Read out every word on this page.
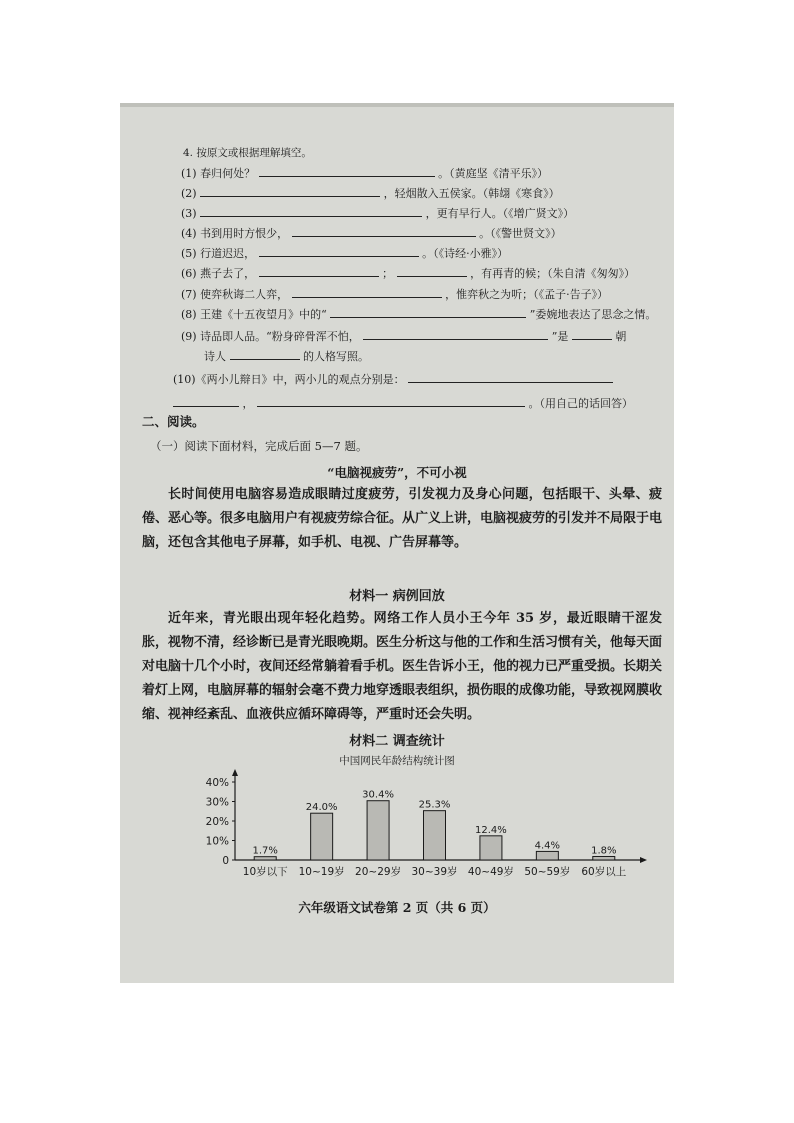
4. 按原文或根据理解填空。
(1) 春归何处？	。（黄庭坚《清平乐》）
(2)	，轻烟散入五侯家。（韩翃《寒食》）
(3)	，更有早行人。（《增广贤文》）
(4) 书到用时方恨少，	。（《警世贤文》）
(5) 行道迟迟，	。（《诗经·小雅》）
(6) 燕子去了，	；	，有再青的候；（朱自清《匆匆》）
(7) 使弈秋诲二人弈，	，惟弈秋之为听；（《孟子·告子》）
(8) 王建《十五夜望月》中的“	”委婉地表达了思念之情。
(9) 诗品即人品。“粉身碎骨浑不怕，	”是	朝
诗人	的人格写照。
(10)《两小儿辩日》中，两小儿的观点分别是：
，	。（用自己的话回答）
二、阅读。
（一）阅读下面材料，完成后面 5—7 题。
“电脑视疲劳”，不可小视
长时间使用电脑容易造成眼睛过度疲劳，引发视力及身心问题，包括眼干、头晕、疲倦、恶心等。很多电脑用户有视疲劳综合征。从广义上讲，电脑视疲劳的引发并不局限于电脑，还包含其他电子屏幕，如手机、电视、广告屏幕等。
材料一 病例回放
近年来，青光眼出现年轻化趋势。网络工作人员小王今年 35 岁，最近眼睛干涩发胀，视物不清，经诊断已是青光眼晚期。医生分析这与他的工作和生活习惯有关，他每天面对电脑十几个小时，夜间还经常躺着看手机。医生告诉小王，他的视力已严重受损。长期关着灯上网，电脑屏幕的辐射会毫不费力地穿透眼表组织，损伤眼的成像功能，导致视网膜收缩、视神经紊乱、血液供应循环障碍等，严重时还会失明。
材料二 调查统计
中国网民年龄结构统计图
0
10%
20%
30%
40%
1.7%
10岁以下
24.0%
10~19岁
30.4%
20~29岁
25.3%
30~39岁
12.4%
40~49岁
4.4%
50~59岁
1.8%
60岁以上
六年级语文试卷第 2 页（共 6 页）
